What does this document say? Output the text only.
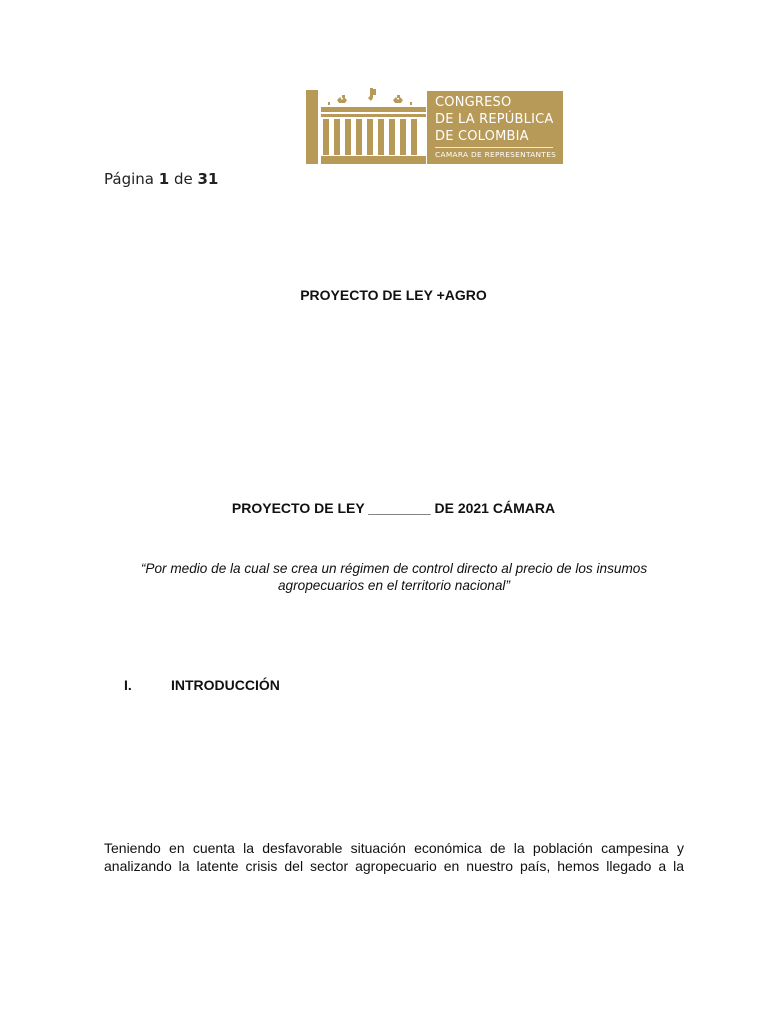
CONGRESO
DE LA REPÚBLICA
DE COLOMBIA
CAMARA DE REPRESENTANTES
Página 1 de 31
PROYECTO DE LEY +AGRO
PROYECTO DE LEY ________ DE 2021 CÁMARA
“Por medio de la cual se crea un régimen de control directo al precio de los insumos agropecuarios en el territorio nacional”
I.	INTRODUCCIÓN
Teniendo en cuenta la desfavorable situación económica de la población campesina y
analizando la latente crisis del sector agropecuario en nuestro país, hemos llegado a la
